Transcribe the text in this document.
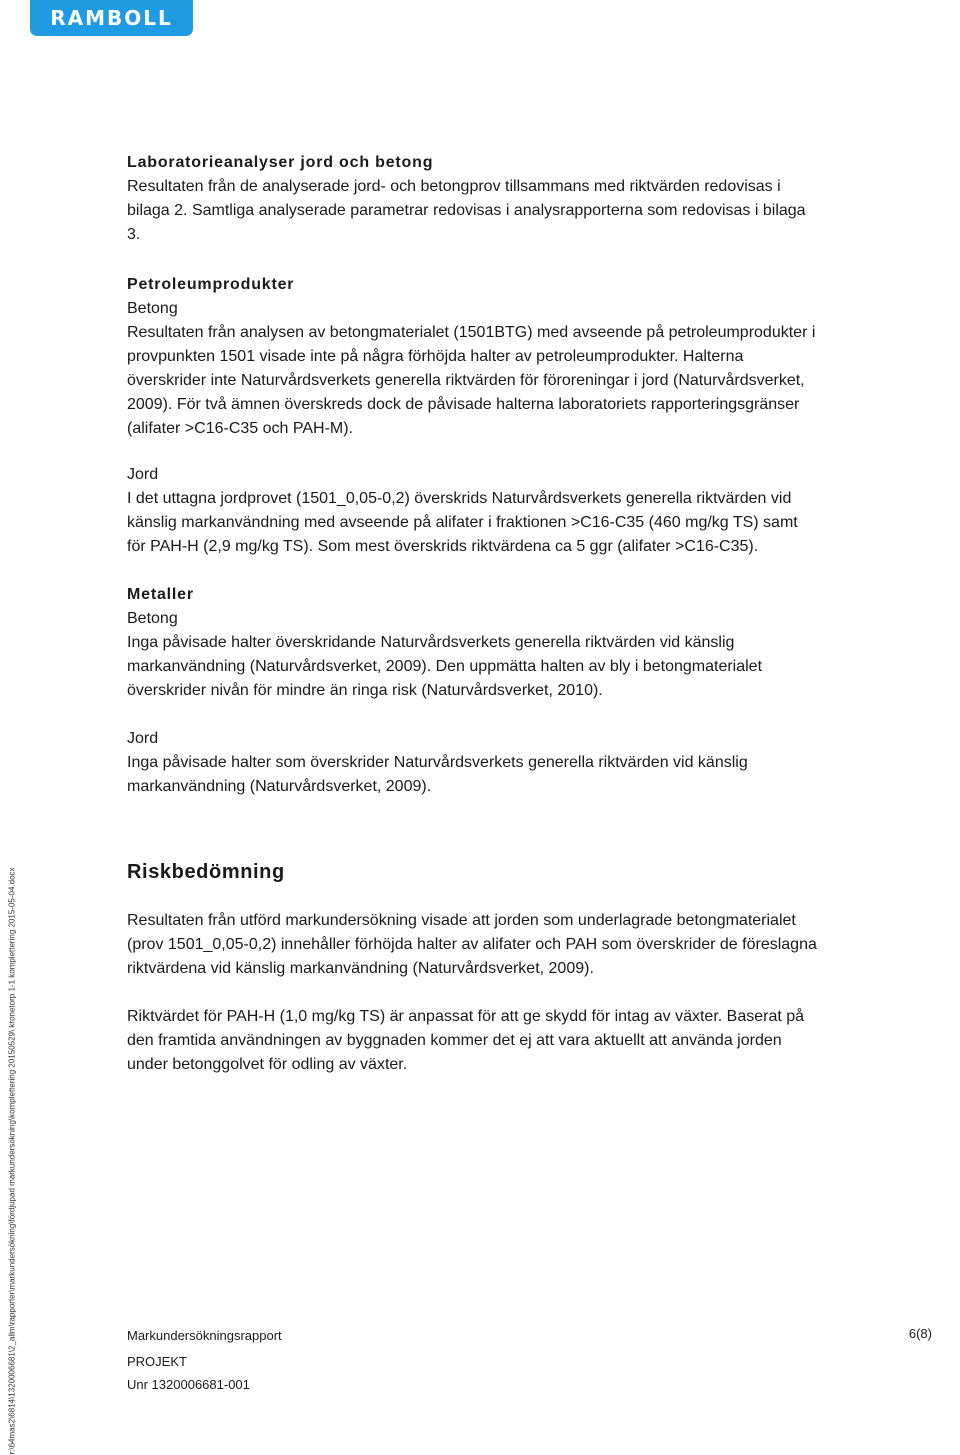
RAMBOLL

Laboratorieanalyser jord och betong

Resultaten från de analyserade jord- och betongprov tillsammans med riktvärden redovisas i bilaga 2. Samtliga analyserade parametrar redovisas i analysrapporterna som redovisas i bilaga 3.

Petroleumprodukter

Betong

Resultaten från analysen av betongmaterialet (1501BTG) med avseende på petroleumprodukter i provpunkten 1501 visade inte på några förhöjda halter av petroleumprodukter. Halterna överskrider inte Naturvårdsverkets generella riktvärden för föroreningar i jord (Naturvårdsverket, 2009). För två ämnen överskreds dock de påvisade halterna laboratoriets rapporteringsgränser (alifater >C16-C35 och PAH-M).

Jord

I det uttagna jordprovet (1501_0,05-0,2) överskrids Naturvårdsverkets generella riktvärden vid känslig markanvändning med avseende på alifater i fraktionen >C16-C35 (460 mg/kg TS) samt för PAH-H (2,9 mg/kg TS). Som mest överskrids riktvärdena ca 5 ggr (alifater >C16-C35).

Metaller

Betong

Inga påvisade halter överskridande Naturvårdsverkets generella riktvärden vid känslig markanvändning (Naturvårdsverket, 2009). Den uppmätta halten av bly i betongmaterialet överskrider nivån för mindre än ringa risk (Naturvårdsverket, 2010).

Jord

Inga påvisade halter som överskrider Naturvårdsverkets generella riktvärden vid känslig markanvändning (Naturvårdsverket, 2009).

Riskbedömning

Resultaten från utförd markundersökning visade att jorden som underlagrade betongmaterialet (prov 1501_0,05-0,2) innehåller förhöjda halter av alifater och PAH som överskrider de föreslagna riktvärdena vid känslig markanvändning (Naturvårdsverket, 2009).

Riktvärdet för PAH-H (1,0 mg/kg TS) är anpassat för att ge skydd för intag av växter. Baserat på den framtida användningen av byggnaden kommer det ej att vara aktuellt att använda jorden under betonggolvet för odling av växter.

Markundersökningsrapport
PROJEKT
Unr 1320006681-001
6(8)
r:\64mas2\6814\1320006681\2_allm\rapporter\markundersökning\fördjupad markundersökning\komplettering 20150529\ kronetorp 1-1 komplettering 2015-05-04.docx
